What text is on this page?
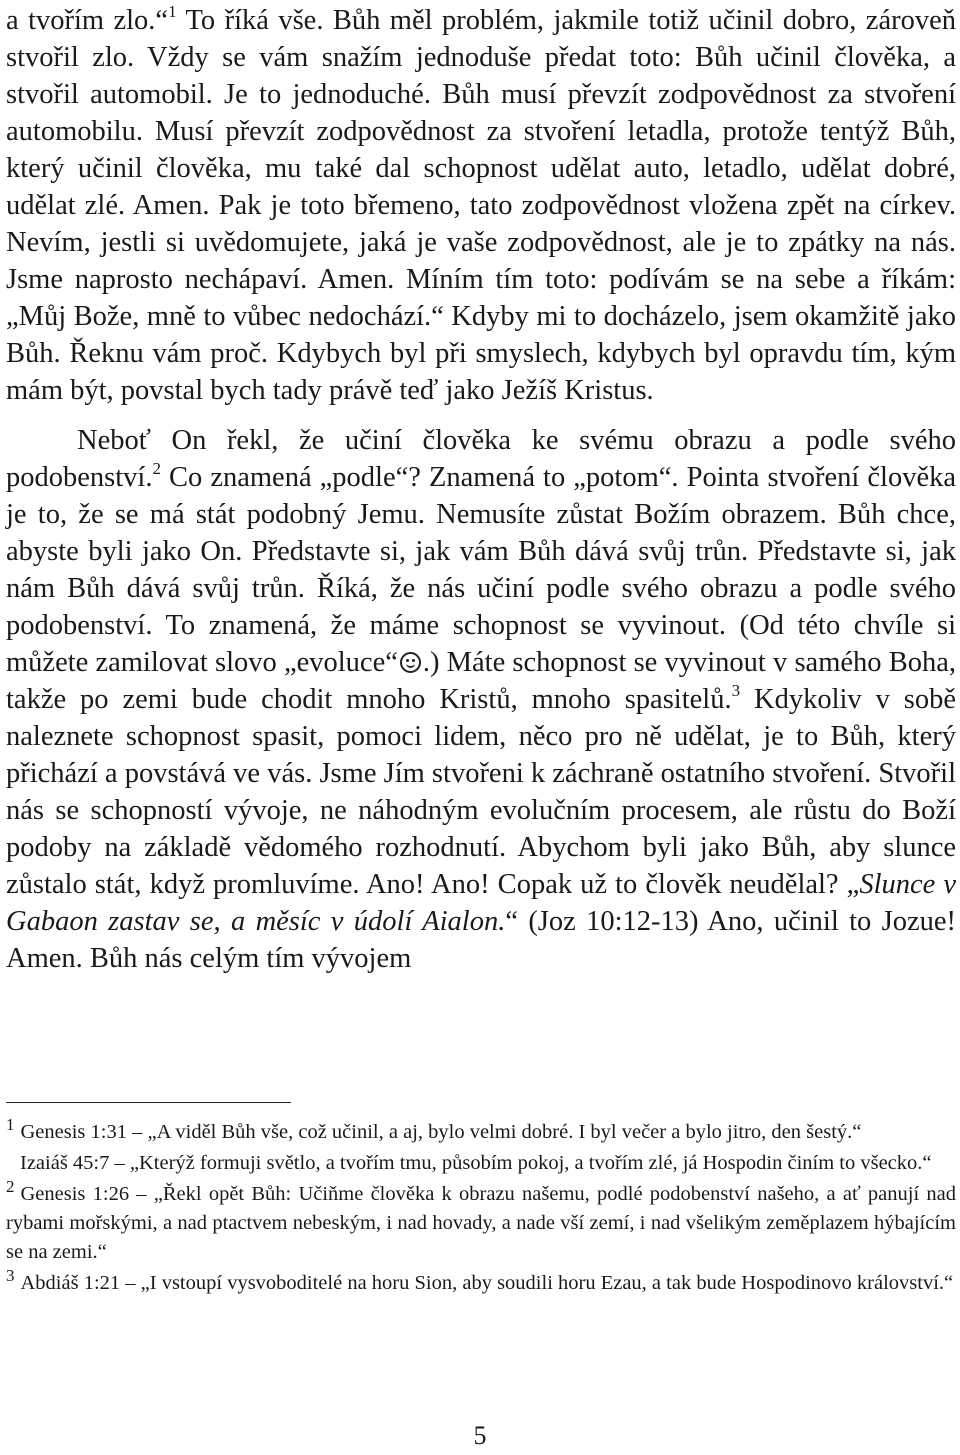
a tvořím zlo.“$^1$ To říká vše. Bůh měl problém, jakmile totiž učinil dobro, zároveň stvořil zlo. Vždy se vám snažím jednoduše předat toto: Bůh učinil člověka, a stvořil automobil. Je to jednoduché. Bůh musí převzít zodpovědnost za stvoření automobilu. Musí převzít zodpovědnost za stvoření letadla, protože tentýž Bůh, který učinil člověka, mu také dal schopnost udělat auto, letadlo, udělat dobré, udělat zlé. Amen. Pak je toto břemeno, tato zodpovědnost vložena zpět na církev. Nevím, jestli si uvědomujete, jaká je vaše zodpovědnost, ale je to zpátky na nás. Jsme naprosto nechápaví. Amen. Míním tím toto: podívám se na sebe a říkám: „Můj Bože, mně to vůbec nedochází.“ Kdyby mi to docházelo, jsem okamžitě jako Bůh. Řeknu vám proč. Kdybych byl při smyslech, kdybych byl opravdu tím, kým mám být, povstal bych tady právě teď jako Ježíš Kristus.

Neboť On řekl, že učiní člověka ke svému obrazu a podle svého podobenství.$^2$ Co znamená „podle“? Znamená to „potom“. Pointa stvoření člověka je to, že se má stát podobný Jemu. Nemusíte zůstat Božím obrazem. Bůh chce, abyste byli jako On. Představte si, jak vám Bůh dává svůj trůn. Představte si, jak nám Bůh dává svůj trůn. Říká, že nás učiní podle svého obrazu a podle svého podobenství. To znamená, že máme schopnost se vyvinout. (Od této chvíle si můžete zamilovat slovo „evoluce“ .) Máte schopnost se vyvinout v samého Boha, takže po zemi bude chodit mnoho Kristů, mnoho spasitelů.$^3$ Kdykoliv v sobě naleznete schopnost spasit, pomoci lidem, něco pro ně udělat, je to Bůh, který přichází a povstává ve vás. Jsme Jím stvořeni k záchraně ostatního stvoření. Stvořil nás se schopností vývoje, ne náhodným evolučním procesem, ale růstu do Boží podoby na základě vědomého rozhodnutí. Abychom byli jako Bůh, aby slunce zůstalo stát, když promluvíme. Ano! Ano! Copak už to člověk neudělal? „Slunce v Gabaon zastav se, a měsíc v údolí Aialon.“ (Joz 10:12-13) Ano, učinil to Jozue! Amen. Bůh nás celým tím vývojem

$^1$ Genesis 1:31 – „A viděl Bůh vše, což učinil, a aj, bylo velmi dobré. I byl večer a bylo jitro, den šestý.“

Izaiáš 45:7 – „Kterýž formuji světlo, a tvořím tmu, působím pokoj, a tvořím zlé, já Hospodin činím to všecko.“

$^2$ Genesis 1:26 – „Řekl opět Bůh: Učiňme člověka k obrazu našemu, podlé podobenství našeho, a ať panují nad rybami mořskými, a nad ptactvem nebeským, i nad hovady, a nade vší zemí, i nad všelikým zeměplazem hýbajícím se na zemi.“

$^3$ Abdiáš 1:21 – „I vstoupí vysvoboditelé na horu Sion, aby soudili horu Ezau, a tak bude Hospodinovo království.“

5
